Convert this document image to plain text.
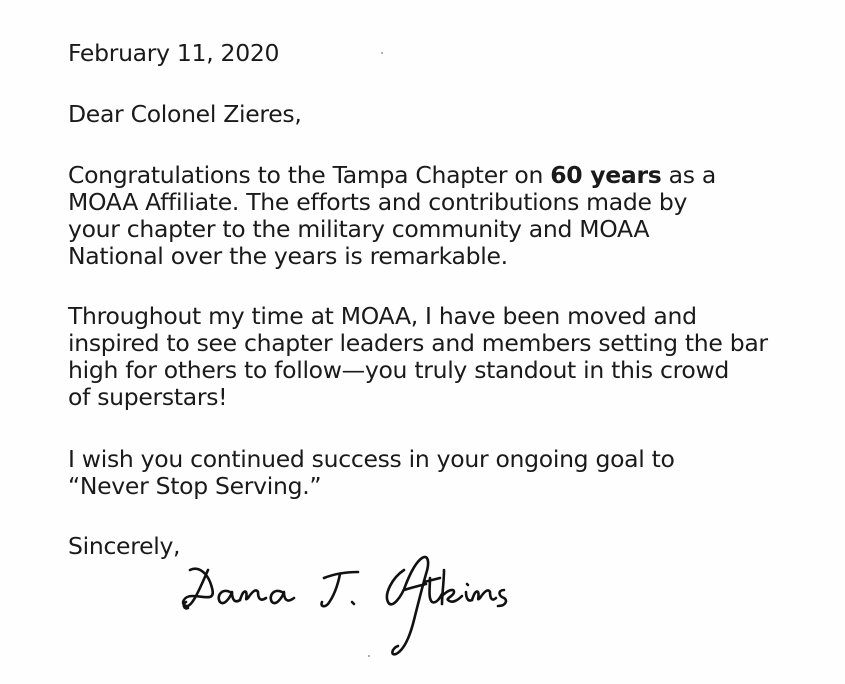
February 11, 2020
Dear Colonel Zieres,
Congratulations to the Tampa Chapter on 60 years as a
MOAA Affiliate. The efforts and contributions made by
your chapter to the military community and MOAA
National over the years is remarkable.
Throughout my time at MOAA, I have been moved and
inspired to see chapter leaders and members setting the bar
high for others to follow—you truly standout in this crowd
of superstars!
I wish you continued success in your ongoing goal to
“Never Stop Serving.”
Sincerely,
